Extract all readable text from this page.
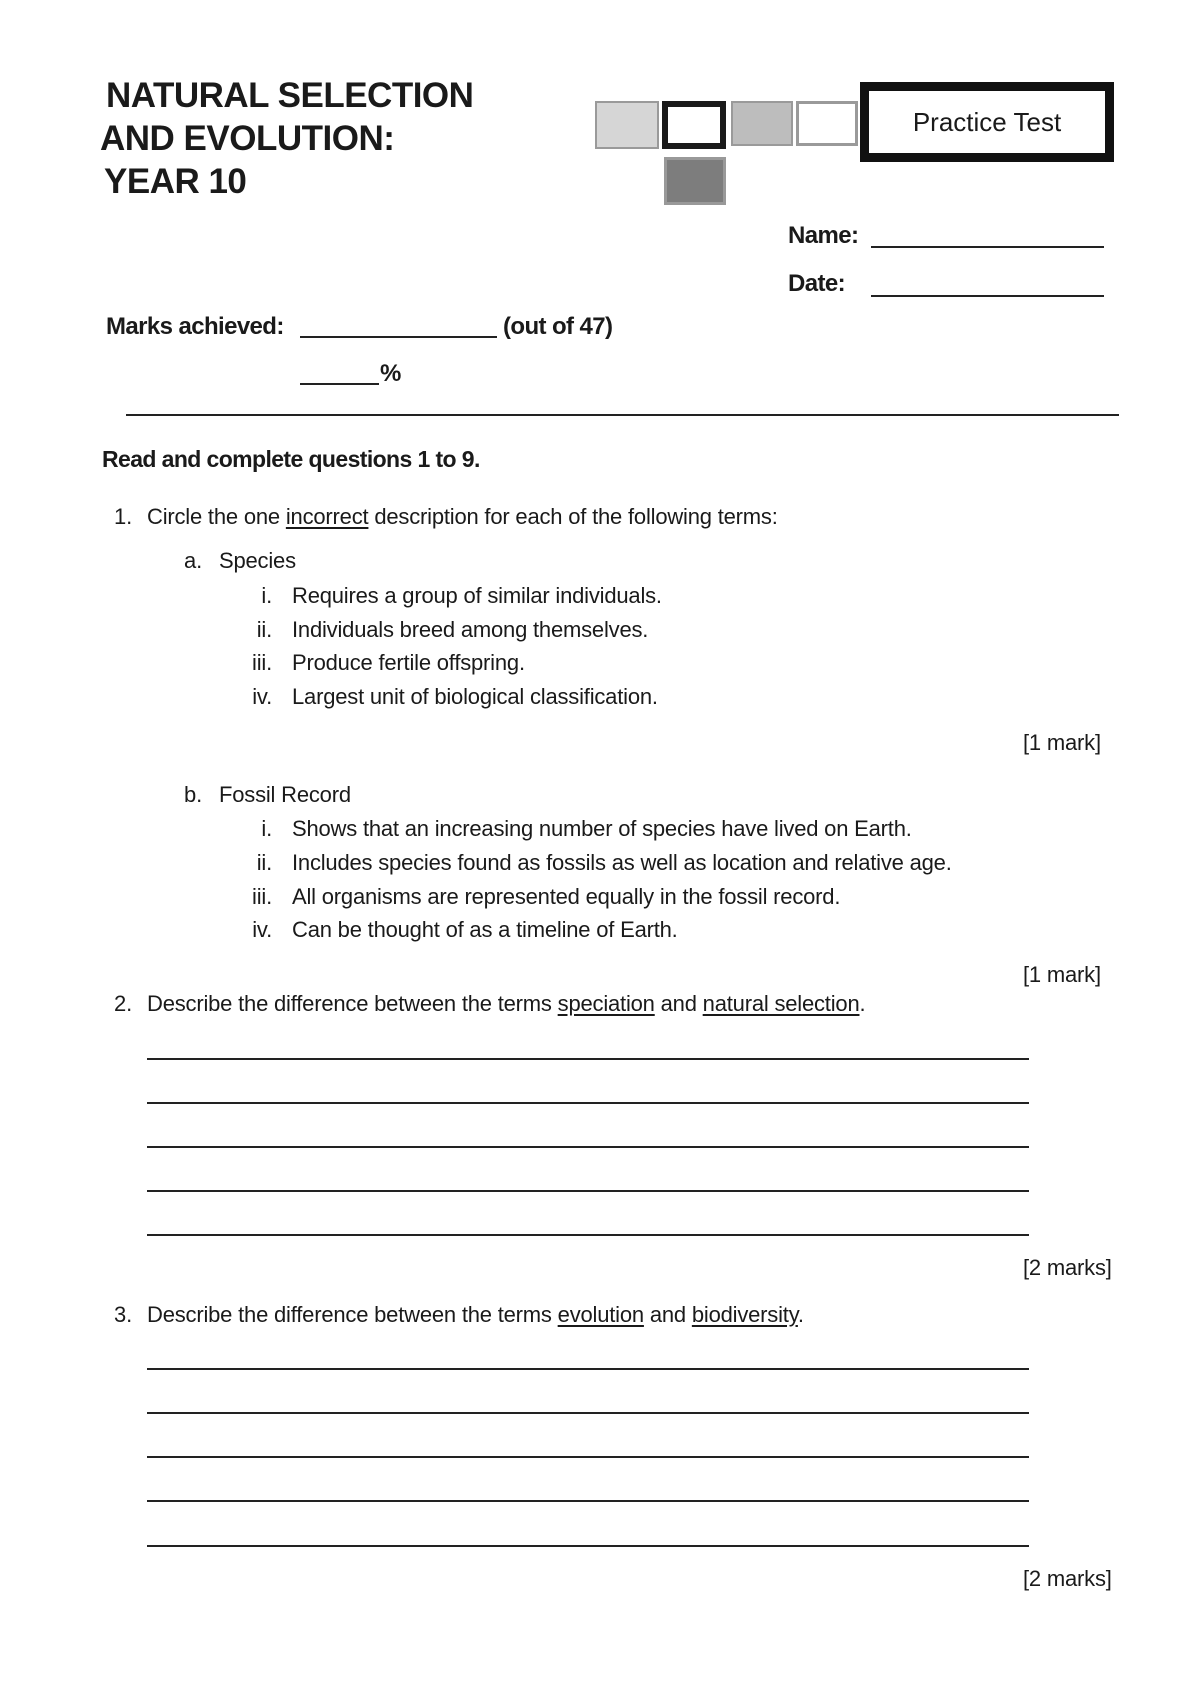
NATURAL SELECTION
AND EVOLUTION:
YEAR 10
Practice Test
Name:
Date:
Marks achieved:	(out of 47)
%
Read and complete questions 1 to 9.
1. Circle the one incorrect description for each of the following terms:
a. Species
i. Requires a group of similar individuals.
ii. Individuals breed among themselves.
iii. Produce fertile offspring.
iv. Largest unit of biological classification.
[1 mark]
b. Fossil Record
i. Shows that an increasing number of species have lived on Earth.
ii. Includes species found as fossils as well as location and relative age.
iii. All organisms are represented equally in the fossil record.
iv. Can be thought of as a timeline of Earth.
[1 mark]
2. Describe the difference between the terms speciation and natural selection.
[2 marks]
3. Describe the difference between the terms evolution and biodiversity.
[2 marks]
